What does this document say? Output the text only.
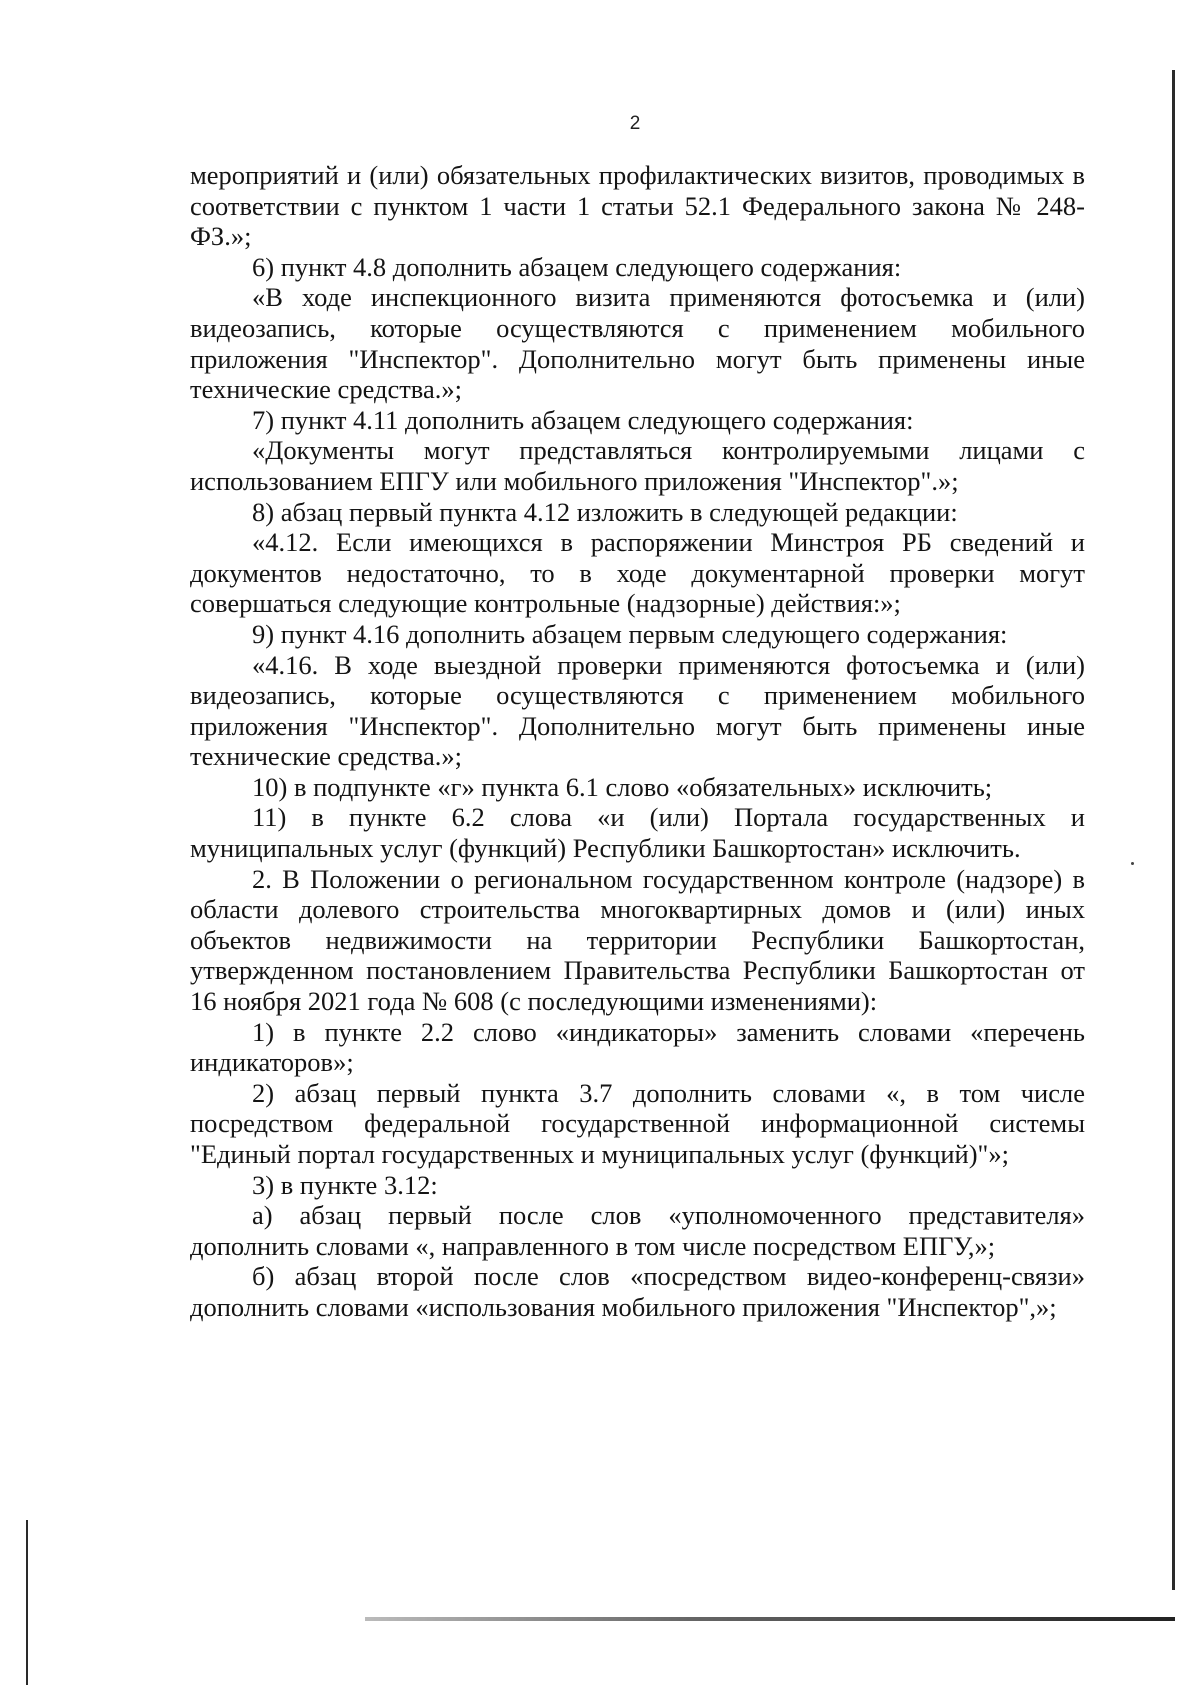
2

мероприятий и (или) обязательных профилактических визитов, проводимых в соответствии с пунктом 1 части 1 статьи 52.1 Федерального закона № 248-ФЗ.»;

6) пункт 4.8 дополнить абзацем следующего содержания:

«В ходе инспекционного визита применяются фотосъемка и (или) видеозапись, которые осуществляются с применением мобильного приложения "Инспектор". Дополнительно могут быть применены иные технические средства.»;

7) пункт 4.11 дополнить абзацем следующего содержания:

«Документы могут представляться контролируемыми лицами с использованием ЕПГУ или мобильного приложения "Инспектор".»;

8) абзац первый пункта 4.12 изложить в следующей редакции:

«4.12. Если имеющихся в распоряжении Минстроя РБ сведений и документов недостаточно, то в ходе документарной проверки могут совершаться следующие контрольные (надзорные) действия:»;

9) пункт 4.16 дополнить абзацем первым следующего содержания:

«4.16. В ходе выездной проверки применяются фотосъемка и (или) видеозапись, которые осуществляются с применением мобильного приложения "Инспектор". Дополнительно могут быть применены иные технические средства.»;

10) в подпункте «г» пункта 6.1 слово «обязательных» исключить;

11) в пункте 6.2 слова «и (или) Портала государственных и муниципальных услуг (функций) Республики Башкортостан» исключить.

2. В Положении о региональном государственном контроле (надзоре) в области долевого строительства многоквартирных домов и (или) иных объектов недвижимости на территории Республики Башкортостан, утвержденном постановлением Правительства Республики Башкортостан от 16 ноября 2021 года № 608 (с последующими изменениями):

1) в пункте 2.2 слово «индикаторы» заменить словами «перечень индикаторов»;

2) абзац первый пункта 3.7 дополнить словами «, в том числе посредством федеральной государственной информационной системы "Единый портал государственных и муниципальных услуг (функций)"»;

3) в пункте 3.12:

а) абзац первый после слов «уполномоченного представителя» дополнить словами «, направленного в том числе посредством ЕПГУ,»;

б) абзац второй после слов «посредством видео-конференц-связи» дополнить словами «использования мобильного приложения "Инспектор",»;
